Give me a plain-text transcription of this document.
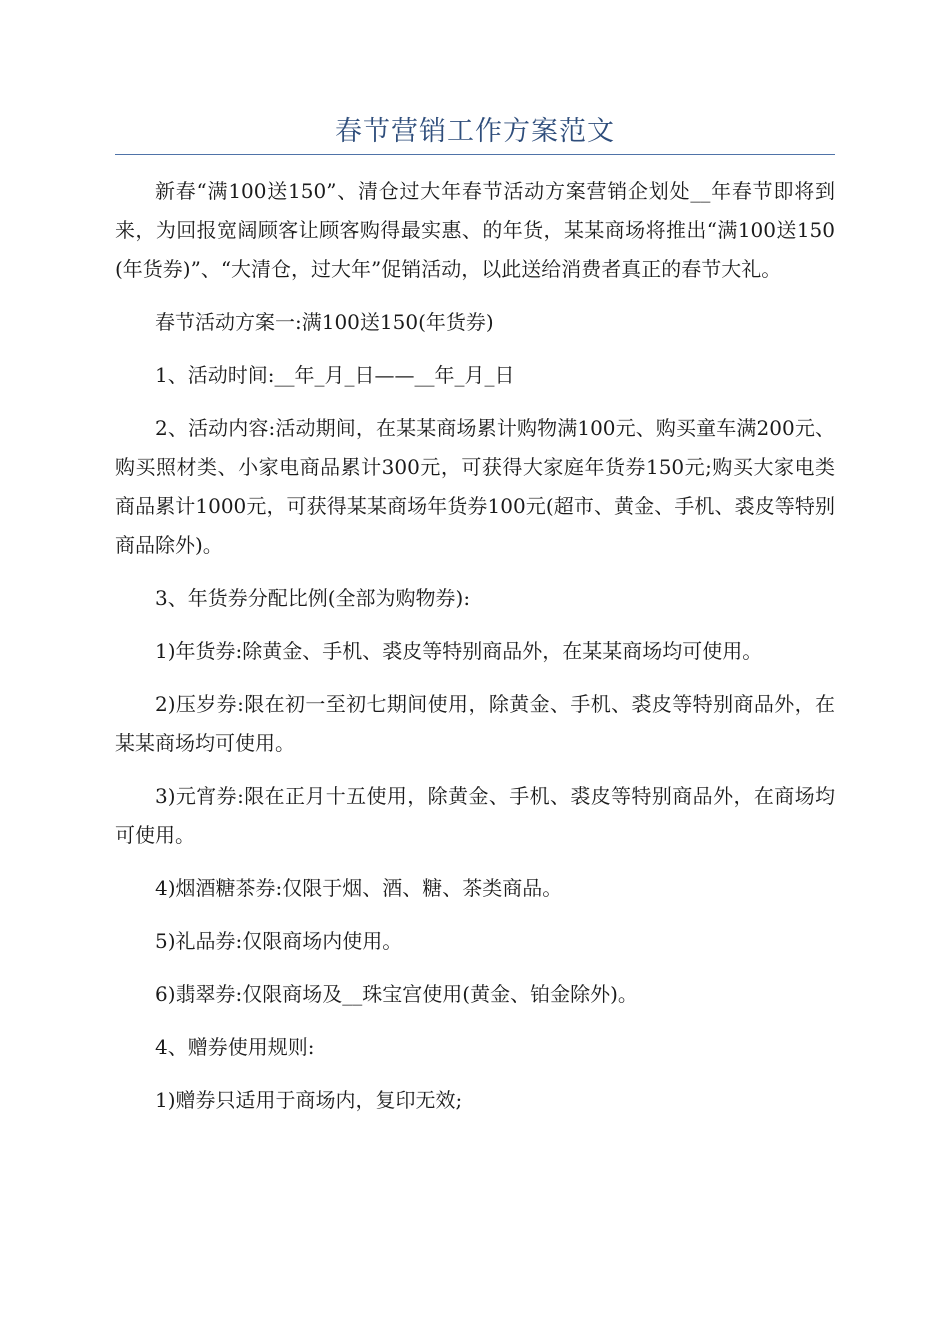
春节营销工作方案范文

新春“满100送150”、清仓过大年春节活动方案营销企划处__年春节即将到来，为回报宽阔顾客让顾客购得最实惠、的年货，某某商场将推出“满100送150(年货券)”、“大清仓，过大年”促销活动，以此送给消费者真正的春节大礼。

春节活动方案一:满100送150(年货券)

1、活动时间:__年_月_日——__年_月_日

2、活动内容:活动期间，在某某商场累计购物满100元、购买童车满200元、购买照材类、小家电商品累计300元，可获得大家庭年货券150元;购买大家电类商品累计1000元，可获得某某商场年货券100元(超市、黄金、手机、裘皮等特别商品除外)。

3、年货券分配比例(全部为购物券):

1)年货券:除黄金、手机、裘皮等特别商品外，在某某商场均可使用。

2)压岁券:限在初一至初七期间使用，除黄金、手机、裘皮等特别商品外，在某某商场均可使用。

3)元宵券:限在正月十五使用，除黄金、手机、裘皮等特别商品外，在商场均可使用。

4)烟酒糖茶券:仅限于烟、酒、糖、茶类商品。

5)礼品券:仅限商场内使用。

6)翡翠券:仅限商场及__珠宝宫使用(黄金、铂金除外)。

4、赠券使用规则:

1)赠券只适用于商场内，复印无效;
